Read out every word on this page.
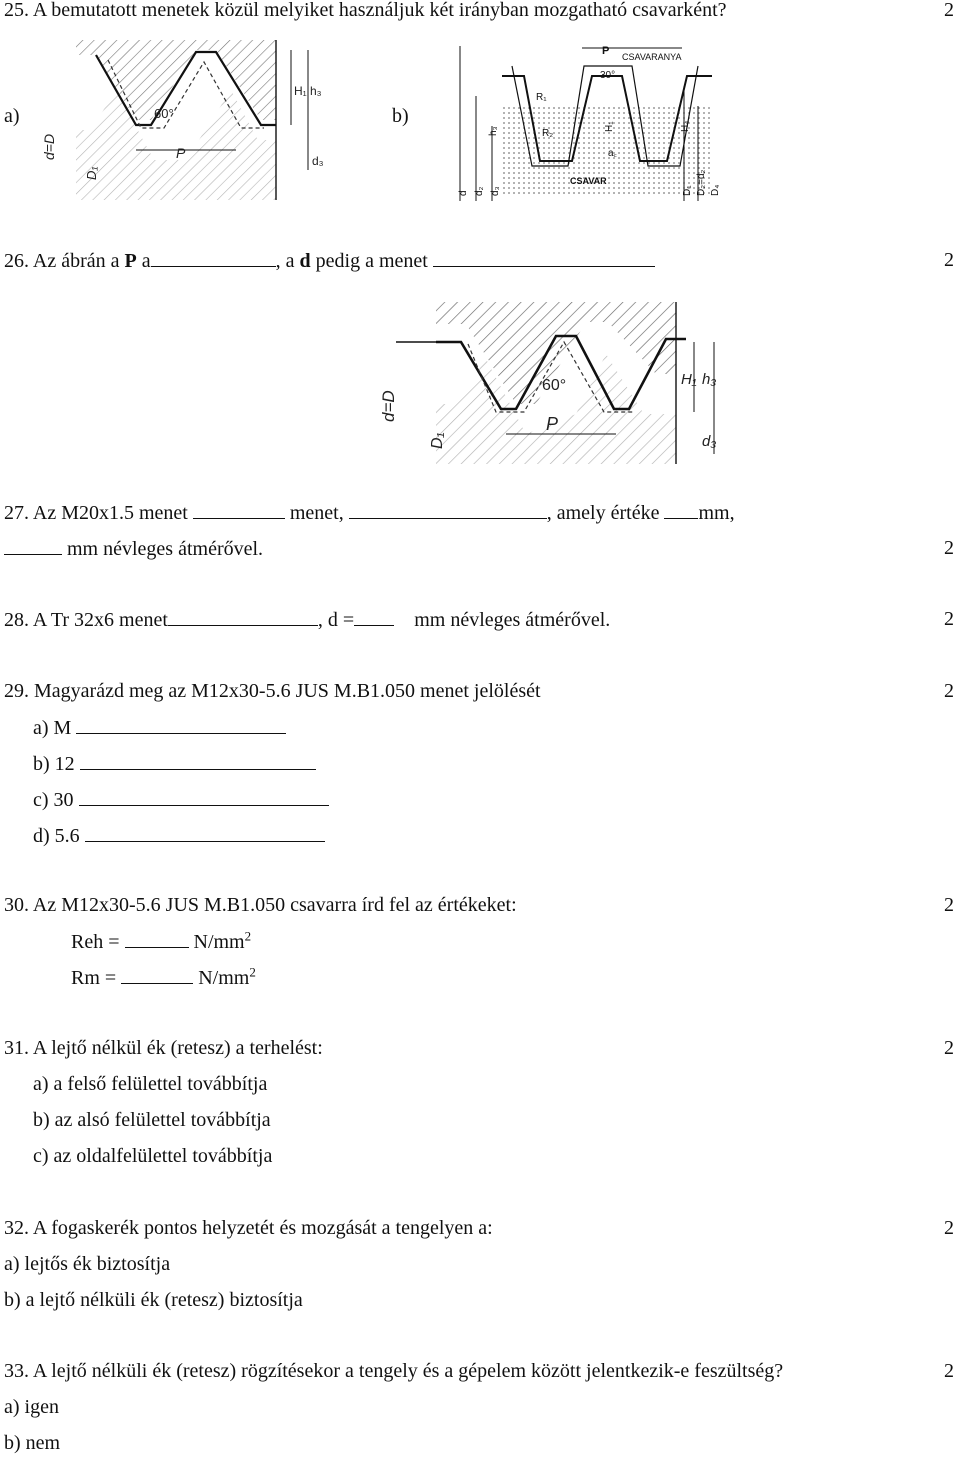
25. A bemutatott menetek közül melyiket használjuk két irányban mozgatható csavarként?	2
a)	b)
60°
P
H₁ h₃
d₃
d=D
D₁
P CSAVARANYA
30°
R₁
R₂
a꜀
CSAVAR
h₃	H₁	H₄
d d₂ d₃	D₁ D₂=d₂ D₄
26. Az ábrán a P a	, a d pedig a menet	2
60°
P
H₁ h₃
d₃
d=D
D₁
27. Az M20x1.5 menet	menet,	, amely értéke mm,
mm névleges átmérővel.	2
28. A Tr 32x6 menet	, d =	mm névleges átmérővel.	2
29. Magyarázd meg az M12x30-5.6 JUS M.B1.050 menet jelölését	2
a) M
b) 12
c) 30
d) 5.6
30. Az M12x30-5.6 JUS M.B1.050 csavarra írd fel az értékeket:	2
Reh =	$N/mm^2$
Rm =	$N/mm^2$
31. A lejtő nélkül ék (retesz) a terhelést:	2
a) a felső felülettel továbbítja
b) az alsó felülettel továbbítja
c) az oldalfelülettel továbbítja
32. A fogaskerék pontos helyzetét és mozgását a tengelyen a:	2
a) lejtős ék biztosítja
b) a lejtő nélküli ék (retesz) biztosítja
33. A lejtő nélküli ék (retesz) rögzítésekor a tengely és a gépelem között jelentkezik-e feszültség?	2
a) igen
b) nem
